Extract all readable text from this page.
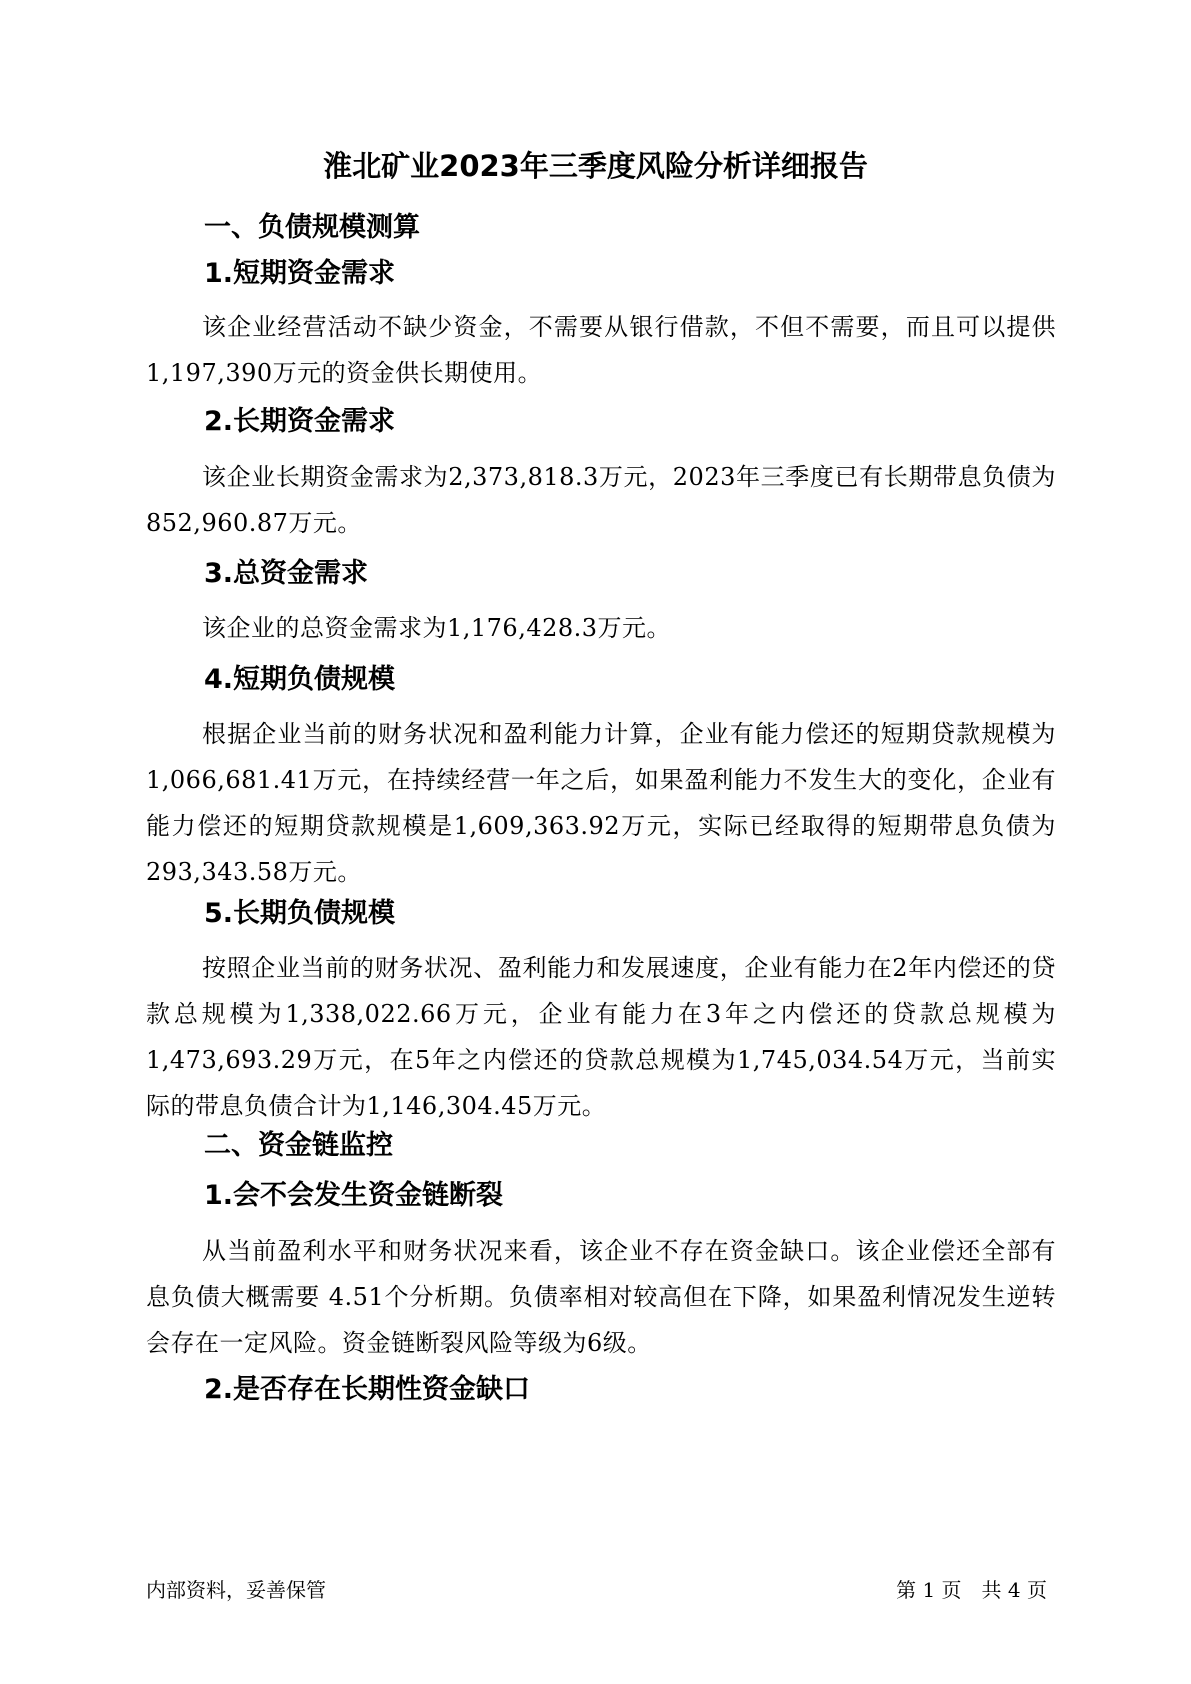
淮北矿业2023年三季度风险分析详细报告
一、负债规模测算
1.短期资金需求

该企业经营活动不缺少资金，不需要从银行借款，不但不需要，而且可以提供1,197,390万元的资金供长期使用。

2.长期资金需求

该企业长期资金需求为2,373,818.3万元，2023年三季度已有长期带息负债为852,960.87万元。

3.总资金需求

该企业的总资金需求为1,176,428.3万元。

4.短期负债规模

根据企业当前的财务状况和盈利能力计算，企业有能力偿还的短期贷款规模为1,066,681.41万元，在持续经营一年之后，如果盈利能力不发生大的变化，企业有能力偿还的短期贷款规模是1,609,363.92万元，实际已经取得的短期带息负债为293,343.58万元。

5.长期负债规模

按照企业当前的财务状况、盈利能力和发展速度，企业有能力在2年内偿还的贷款总规模为1,338,022.66万元，企业有能力在3年之内偿还的贷款总规模为1,473,693.29万元，在5年之内偿还的贷款总规模为1,745,034.54万元，当前实际的带息负债合计为1,146,304.45万元。

二、资金链监控
1.会不会发生资金链断裂

从当前盈利水平和财务状况来看，该企业不存在资金缺口。该企业偿还全部有息负债大概需要 4.51个分析期。负债率相对较高但在下降，如果盈利情况发生逆转会存在一定风险。资金链断裂风险等级为6级。

2.是否存在长期性资金缺口
内部资料，妥善保管	第 1 页　共 4 页
